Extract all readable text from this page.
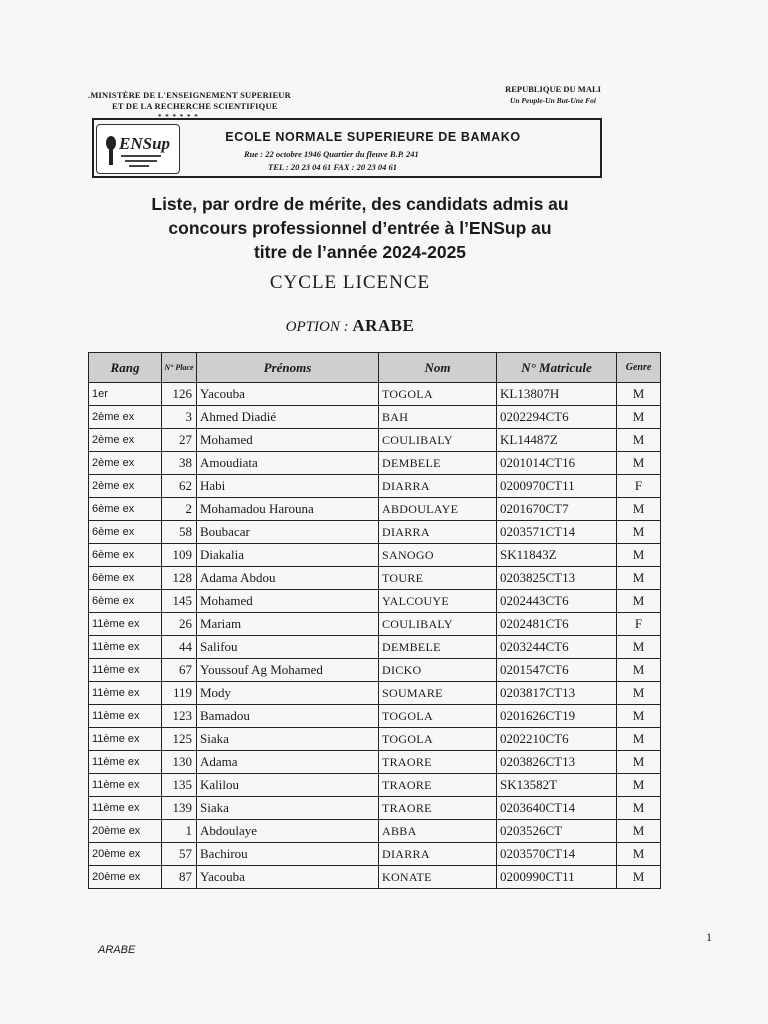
.MINISTÈRE DE L'ENSEIGNEMENT SUPERIEUR
ET DE LA RECHERCHE SCIENTIFIQUE
*.*.*.*.*.*
REPUBLIQUE DU MALI
Un Peuple-Un But-Une Foi
ENSup	ECOLE NORMALE SUPERIEURE DE BAMAKO
Rue : 22 octobre 1946 Quartier du fleuve B.P. 241
TEL : 20 23 04 61 FAX : 20 23 04 61
Liste, par ordre de mérite, des candidats admis au
concours professionnel d’entrée à l’ENSup au
titre de l’année 2024-2025
CYCLE LICENCE
OPTION : ARABE
Rang	N° Place	Prénoms	Nom	N° Matricule	Genre
1er	126	Yacouba	TOGOLA	KL13807H	M
2ème ex	3	Ahmed Diadié	BAH	0202294CT6	M
2ème ex	27	Mohamed	COULIBALY	KL14487Z	M
2ème ex	38	Amoudiata	DEMBELE	0201014CT16	M
2ème ex	62	Habi	DIARRA	0200970CT11	F
6ème ex	2	Mohamadou Harouna	ABDOULAYE	0201670CT7	M
6ème ex	58	Boubacar	DIARRA	0203571CT14	M
6ème ex	109	Diakalia	SANOGO	SK11843Z	M
6ème ex	128	Adama Abdou	TOURE	0203825CT13	M
6ème ex	145	Mohamed	YALCOUYE	0202443CT6	M
11ème ex	26	Mariam	COULIBALY	0202481CT6	F
11ème ex	44	Salifou	DEMBELE	0203244CT6	M
11ème ex	67	Youssouf Ag Mohamed	DICKO	0201547CT6	M
11ème ex	119	Mody	SOUMARE	0203817CT13	M
11ème ex	123	Bamadou	TOGOLA	0201626CT19	M
11ème ex	125	Siaka	TOGOLA	0202210CT6	M
11ème ex	130	Adama	TRAORE	0203826CT13	M
11ème ex	135	Kalilou	TRAORE	SK13582T	M
11ème ex	139	Siaka	TRAORE	0203640CT14	M
20ème ex	1	Abdoulaye	ABBA	0203526CT	M
20ème ex	57	Bachirou	DIARRA	0203570CT14	M
20ème ex	87	Yacouba	KONATE	0200990CT11	M
ARABE
1
